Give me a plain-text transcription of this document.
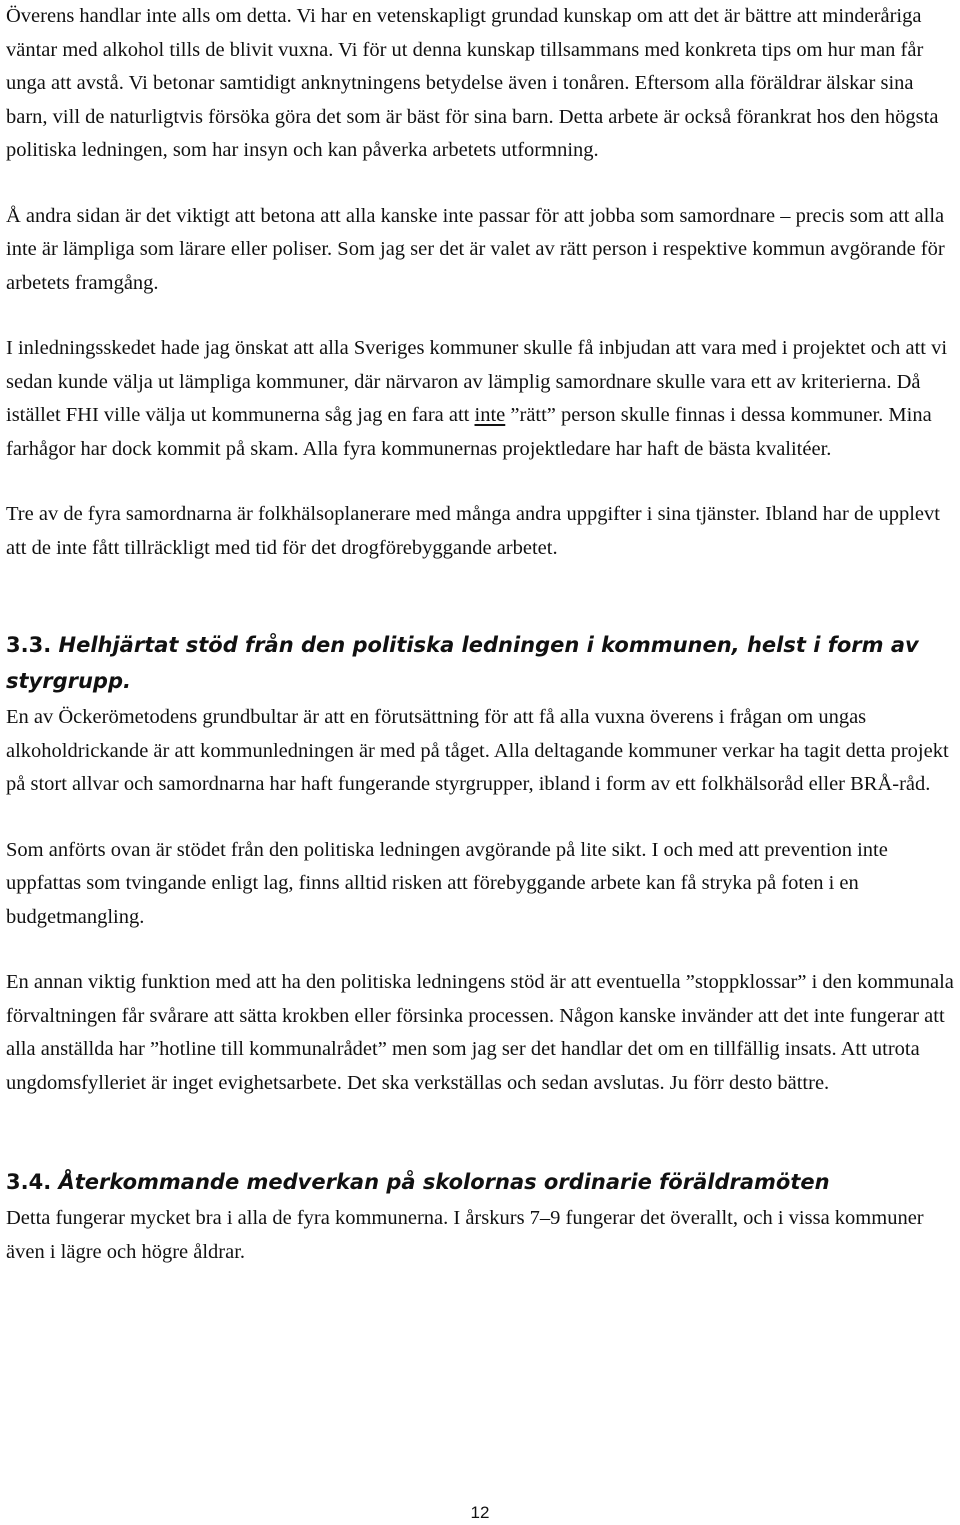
Överens handlar inte alls om detta. Vi har en vetenskapligt grundad kunskap om att det är bättre att minderåriga väntar med alkohol tills de blivit vuxna. Vi för ut denna kunskap tillsammans med konkreta tips om hur man får unga att avstå. Vi betonar samtidigt anknytningens betydelse även i tonåren. Eftersom alla föräldrar älskar sina barn, vill de naturligtvis försöka göra det som är bäst för sina barn. Detta arbete är också förankrat hos den högsta politiska ledningen, som har insyn och kan påverka arbetets utformning.

Å andra sidan är det viktigt att betona att alla kanske inte passar för att jobba som samordnare – precis som att alla inte är lämpliga som lärare eller poliser. Som jag ser det är valet av rätt person i respektive kommun avgörande för arbetets framgång.

I inledningsskedet hade jag önskat att alla Sveriges kommuner skulle få inbjudan att vara med i projektet och att vi sedan kunde välja ut lämpliga kommuner, där närvaron av lämplig samordnare skulle vara ett av kriterierna. Då istället FHI ville välja ut kommunerna såg jag en fara att inte ”rätt” person skulle finnas i dessa kommuner. Mina farhågor har dock kommit på skam. Alla fyra kommunernas projektledare har haft de bästa kvalitéer.

Tre av de fyra samordnarna är folkhälsoplanerare med många andra uppgifter i sina tjänster. Ibland har de upplevt att de inte fått tillräckligt med tid för det drogförebyggande arbetet.

3.3. Helhjärtat stöd från den politiska ledningen i kommunen, helst i form av styrgrupp.

En av Öckerömetodens grundbultar är att en förutsättning för att få alla vuxna överens i frågan om ungas alkoholdrickande är att kommunledningen är med på tåget. Alla deltagande kommuner verkar ha tagit detta projekt på stort allvar och samordnarna har haft fungerande styrgrupper, ibland i form av ett folkhälsoråd eller BRÅ-råd.

Som anförts ovan är stödet från den politiska ledningen avgörande på lite sikt. I och med att prevention inte uppfattas som tvingande enligt lag, finns alltid risken att förebyggande arbete kan få stryka på foten i en budgetmangling.

En annan viktig funktion med att ha den politiska ledningens stöd är att eventuella ”stoppklossar” i den kommunala förvaltningen får svårare att sätta krokben eller försinka processen. Någon kanske invänder att det inte fungerar att alla anställda har ”hotline till kommunalrådet” men som jag ser det handlar det om en tillfällig insats. Att utrota ungdomsfylleriet är inget evighetsarbete. Det ska verkställas och sedan avslutas. Ju förr desto bättre.

3.4. Återkommande medverkan på skolornas ordinarie föräldramöten

Detta fungerar mycket bra i alla de fyra kommunerna. I årskurs 7–9 fungerar det överallt, och i vissa kommuner även i lägre och högre åldrar.

12
